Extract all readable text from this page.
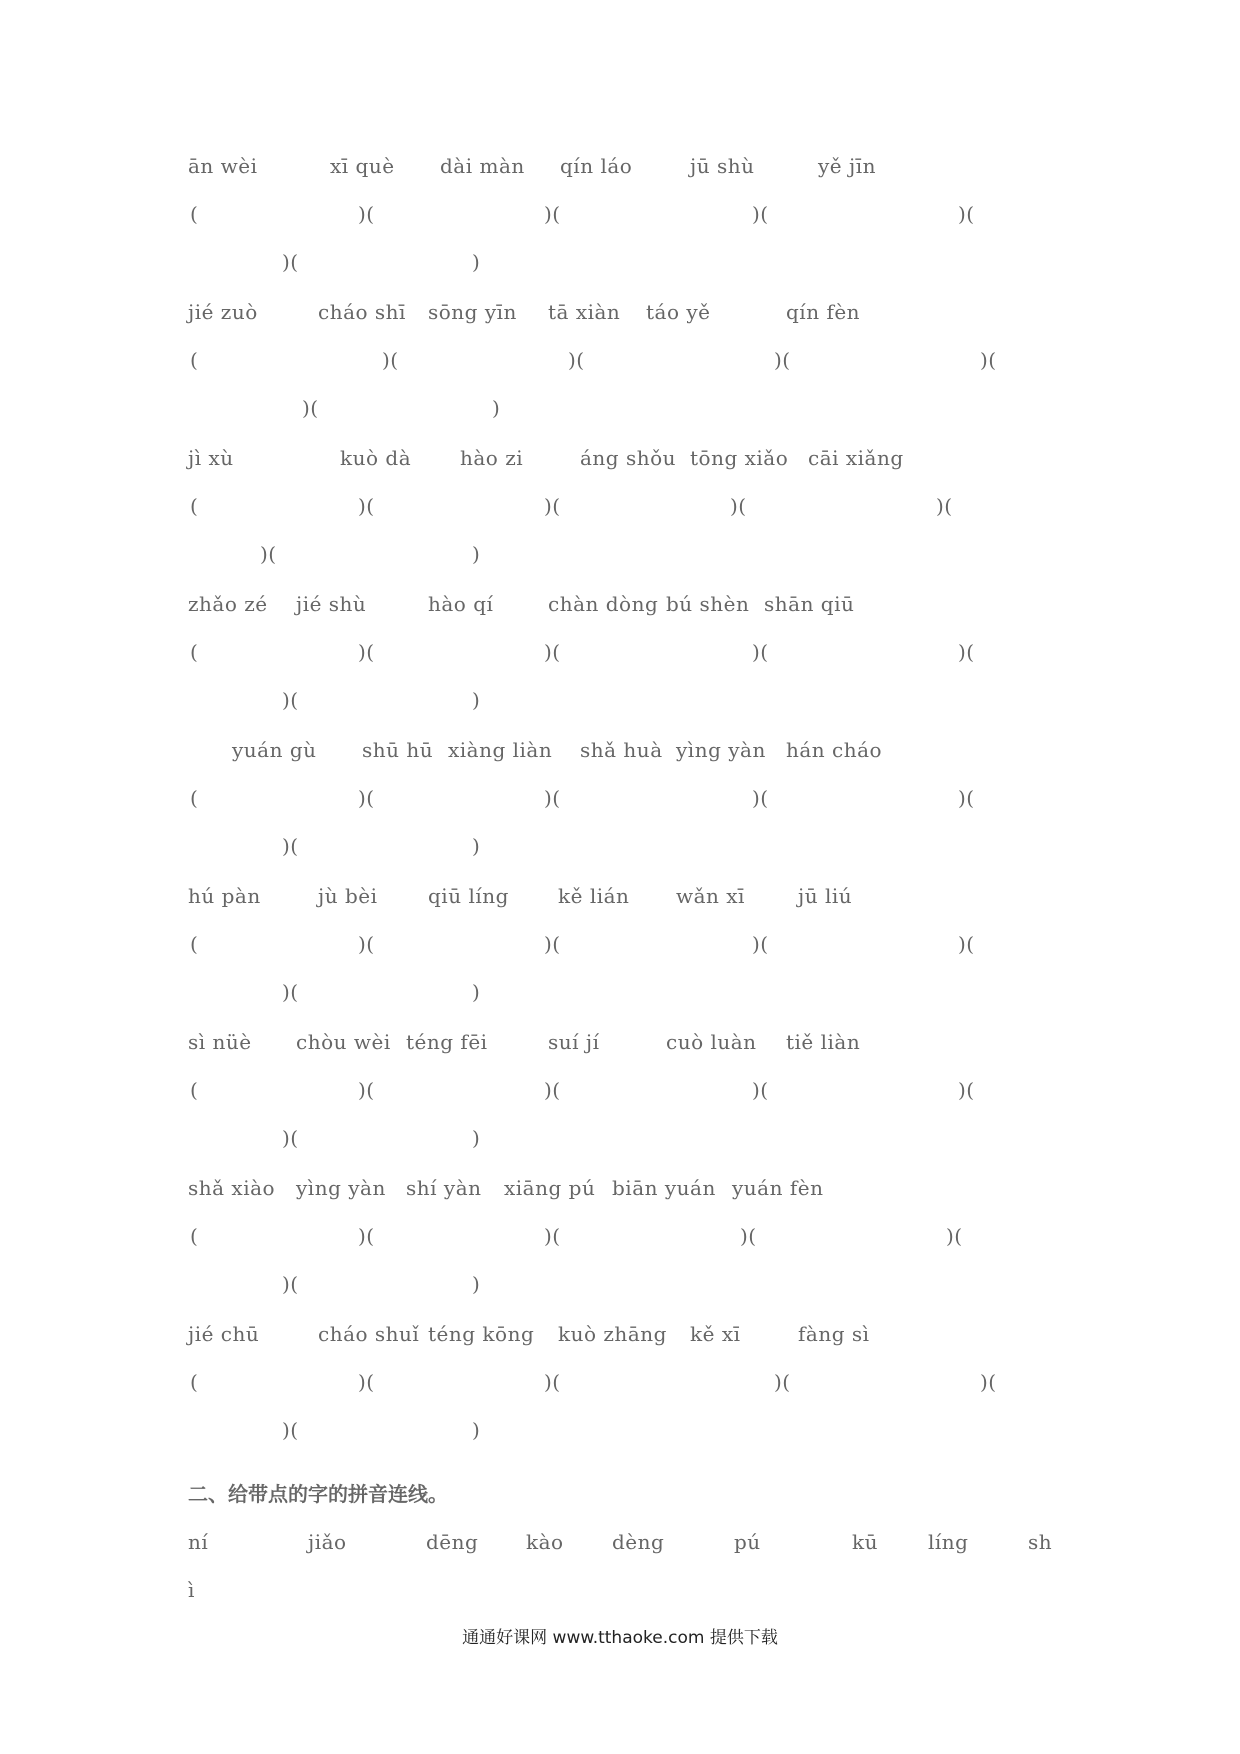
ān wèi	xī què dài màn qín láo	jū shù	yě jīn
(	)(	)(	)(	)(
)(	)
jié zuò	cháo shī sōng yīn tā xiàn táo yě	qín fèn
(	)(	)(	)(	)(
)(	)
jì xù	kuò dà hào zi	áng shǒu tōng xiǎo cāi xiǎng
(	)(	)(	)(	)(
)(	)
zhǎo zé jié shù	hào qí	chàn dòng bú shèn shān qiū
(	)(	)(	)(	)(
)(	)
yuán gù shū hū xiàng liàn shǎ huà yìng yàn hán cháo
(	)(	)(	)(	)(
)(	)
hú pàn	jù bèi	qiū líng kě lián wǎn xī	jū liú
(	)(	)(	)(	)(
)(	)
sì nüè chòu wèi téng fēi	suí jí	cuò luàn tiě liàn
(	)(	)(	)(	)(
)(	)
shǎ xiào yìng yàn shí yàn xiāng pú biān yuán yuán fèn
(	)(	)(	)(	)(
)(	)
jié chū	cháo shuǐ téng kōng kuò zhāng kě xī	fàng sì
(	)(	)(	)(	)(
)(	)
ní	jiǎo	dēng kào dèng	pú	kū	líng	sh
ì
二、给带点的字的拼音连线。
通通好课网 www.tthaoke.com 提供下载
